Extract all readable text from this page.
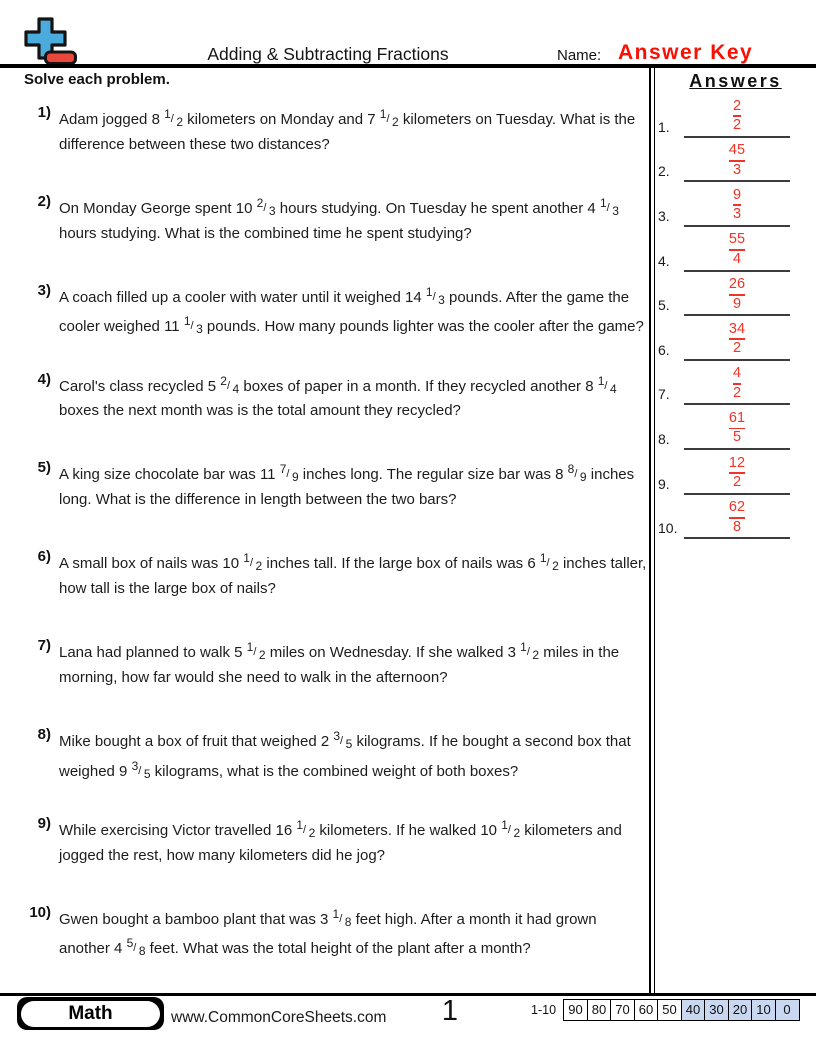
Adding & Subtracting Fractions	Name: Answer Key
Solve each problem.
1) Adam jogged 8 $^1$/ 2 kilometers on Monday and 7 $^1$/ 2 kilometers on Tuesday. What is the difference between these two distances?
2) On Monday George spent 10 $^2$/ 3 hours studying. On Tuesday he spent another 4 $^1$/ 3 hours studying. What is the combined time he spent studying?
3) A coach filled up a cooler with water until it weighed 14 $^1$/ 3 pounds. After the game the cooler weighed 11 $^1$/ 3 pounds. How many pounds lighter was the cooler after the game?
4) Carol's class recycled 5 $^2$/ 4 boxes of paper in a month. If they recycled another 8 $^1$/ 4 boxes the next month was is the total amount they recycled?
5) A king size chocolate bar was 11 $^7$/ 9 inches long. The regular size bar was 8 $^8$/ 9 inches long. What is the difference in length between the two bars?
6) A small box of nails was 10 $^1$/ 2 inches tall. If the large box of nails was 6 $^1$/ 2 inches taller, how tall is the large box of nails?
7) Lana had planned to walk 5 $^1$/ 2 miles on Wednesday. If she walked 3 $^1$/ 2 miles in the morning, how far would she need to walk in the afternoon?
8) Mike bought a box of fruit that weighed 2 $^3$/ 5 kilograms. If he bought a second box that weighed 9 $^3$/ 5 kilograms, what is the combined weight of both boxes?
9) While exercising Victor travelled 16 $^1$/ 2 kilometers. If he walked 10 $^1$/ 2 kilometers and jogged the rest, how many kilometers did he jog?
10) Gwen bought a bamboo plant that was 3 $^1$/ 8 feet high. After a month it had grown another 4 $^5$/ 8 feet. What was the total height of the plant after a month?
Answers
1.	$\frac{2}{2}$
2.	$\frac{45}{3}$
3.	$\frac{9}{3}$
4.	$\frac{55}{4}$
5.	$\frac{26}{9}$
6.	$\frac{34}{2}$
7.	$\frac{4}{2}$
8.	$\frac{61}{5}$
9.	$\frac{12}{2}$
10.	$\frac{62}{8}$
Math	www.CommonCoreSheets.com	1	1-10 90 80 70 60 50 40 30 20 10 0
